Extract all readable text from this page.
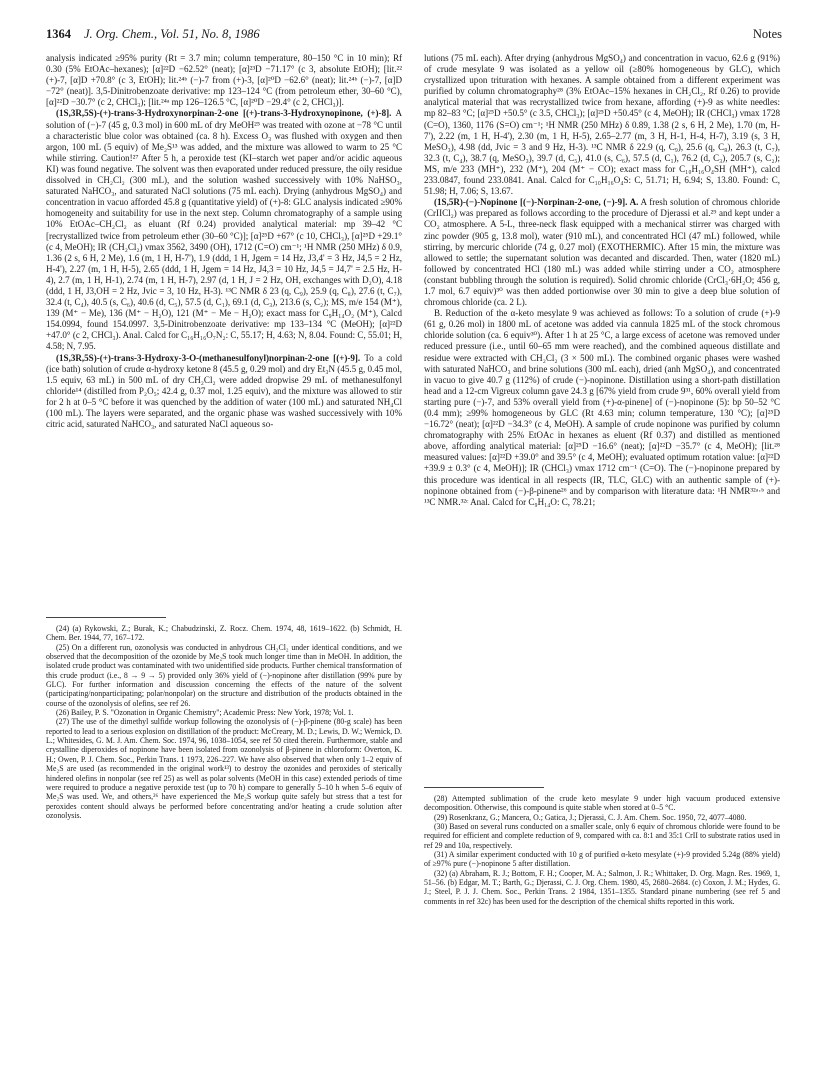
1364 J. Org. Chem., Vol. 51, No. 8, 1986	Notes

analysis indicated ≥95% purity (Rt = 3.7 min; column temperature, 80–150 °C in 10 min); Rf 0.30 (5% EtOAc–hexanes); [α]²²D −62.52° (neat); [α]²³D −71.17° (c 3, absolute EtOH); [lit.²² (+)-7, [α]D +70.8° (c 3, EtOH); lit.²⁴ᵇ (−)-7 from (+)-3, [α]²⁰D −62.6° (neat); lit.²⁴ᵇ (−)-7, [α]D −72° (neat)]. 3,5-Dinitrobenzoate derivative: mp 123–124 °C (from petroleum ether, 30–60 °C), [α]²²D −30.7° (c 2, CHCl₃); [lit.²⁴ᵃ mp 126–126.5 °C, [α]²⁰D −29.4° (c 2, CHCl₃)].

(1S,3R,5S)-(+)-trans-3-Hydroxynorpinan-2-one [(+)-trans-3-Hydroxynopinone, (+)-8]. A solution of (−)-7 (45 g, 0.3 mol) in 600 mL of dry MeOH²⁵ was treated with ozone at −78 °C until a characteristic blue color was obtained (ca. 8 h). Excess O₃ was flushed with oxygen and then argon, 100 mL (5 equiv) of Me₂S¹³ was added, and the mixture was allowed to warm to 25 °C while stirring. Caution!²⁷ After 5 h, a peroxide test (KI–starch wet paper and/or acidic aqueous KI) was found negative. The solvent was then evaporated under reduced pressure, the oily residue dissolved in CH₂Cl₂ (300 mL), and the solution washed successively with 10% NaHSO₃, saturated NaHCO₃, and saturated NaCl solutions (75 mL each). Drying (anhydrous MgSO₄) and concentration in vacuo afforded 45.8 g (quantitative yield) of (+)-8: GLC analysis indicated ≥90% homogeneity and suitability for use in the next step. Column chromatography of a sample using 10% EtOAc–CH₂Cl₂ as eluant (Rf 0.24) provided analytical material: mp 39–42 °C [recrystallized twice from petroleum ether (30–60 °C)]; [α]²⁵D +67° (c 10, CHCl₃), [α]²⁵D +29.1° (c 4, MeOH); IR (CH₂Cl₂) νmax 3562, 3490 (OH), 1712 (C=O) cm⁻¹; ¹H NMR (250 MHz) δ 0.9, 1.36 (2 s, 6 H, 2 Me), 1.6 (m, 1 H, H-7'), 1.9 (ddd, 1 H, Jgem = 14 Hz, J3,4' = 3 Hz, J4,5 = 2 Hz, H-4'), 2.27 (m, 1 H, H-5), 2.65 (ddd, 1 H, Jgem = 14 Hz, J4,3 = 10 Hz, J4,5 = J4,7' = 2.5 Hz, H-4), 2.7 (m, 1 H, H-1), 2.74 (m, 1 H, H-7), 2.97 (d, 1 H, J = 2 Hz, OH, exchanges with D₂O), 4.18 (ddd, 1 H, J3,OH = 2 Hz, Jvic = 3, 10 Hz, H-3). ¹³C NMR δ 23 (q, C₉), 25.9 (q, C₈), 27.6 (t, C₇), 32.4 (t, C₄), 40.5 (s, C₆), 40.6 (d, C₅), 57.5 (d, C₁), 69.1 (d, C₃), 213.6 (s, C₂); MS, m/e 154 (M⁺), 139 (M⁺ − Me), 136 (M⁺ − H₂O), 121 (M⁺ − Me − H₂O); exact mass for C₉H₁₄O₂ (M⁺), Calcd 154.0994, found 154.0997. 3,5-Dinitrobenzoate derivative: mp 133–134 °C (MeOH); [α]²²D +47.0° (c 2, CHCl₃). Anal. Calcd for C₁₆H₁₆O₇N₂: C, 55.17; H, 4.63; N, 8.04. Found: C, 55.01; H, 4.58; N, 7.95.

(1S,3R,5S)-(+)-trans-3-Hydroxy-3-O-(methanesulfonyl)norpinan-2-one [(+)-9]. To a cold (ice bath) solution of crude α-hydroxy ketone 8 (45.5 g, 0.29 mol) and dry Et₃N (45.5 g, 0.45 mol, 1.5 equiv, 63 mL) in 500 mL of dry CH₂Cl₂ were added dropwise 29 mL of methanesulfonyl chloride¹⁴ (distilled from P₂O₅; 42.4 g, 0.37 mol, 1.25 equiv), and the mixture was allowed to stir for 2 h at 0–5 °C before it was quenched by the addition of water (100 mL) and saturated NH₄Cl (100 mL). The layers were separated, and the organic phase was washed successively with 10% citric acid, saturated NaHCO₃, and saturated NaCl aqueous so-

lutions (75 mL each). After drying (anhydrous MgSO₄) and concentration in vacuo, 62.6 g (91%) of crude mesylate 9 was isolated as a yellow oil (≥80% homogeneous by GLC), which crystallized upon trituration with hexanes. A sample obtained from a different experiment was purified by column chromatography²⁸ (3% EtOAc–15% hexanes in CH₂Cl₂, Rf 0.26) to provide analytical material that was recrystallized twice from hexane, affording (+)-9 as white needles: mp 82–83 °C; [α]²⁵D +50.5° (c 3.5, CHCl₃); [α]²⁵D +50.45° (c 4, MeOH); IR (CHCl₃) νmax 1728 (C=O), 1360, 1176 (S=O) cm⁻¹; ¹H NMR (250 MHz) δ 0.89, 1.38 (2 s, 6 H, 2 Me), 1.70 (m, H-7'), 2.22 (m, 1 H, H-4'), 2.30 (m, 1 H, H-5), 2.65–2.77 (m, 3 H, H-1, H-4, H-7), 3.19 (s, 3 H, MeSO₃), 4.98 (dd, Jvic = 3 and 9 Hz, H-3). ¹³C NMR δ 22.9 (q, C₉), 25.6 (q, C₈), 26.3 (t, C₇), 32.3 (t, C₄), 38.7 (q, MeSO₃), 39.7 (d, C₅), 41.0 (s, C₆), 57.5 (d, C₁), 76.2 (d, C₃), 205.7 (s, C₂); MS, m/e 233 (MH⁺), 232 (M⁺), 204 (M⁺ − CO); exact mass for C₁₀H₁₆O₄SH (MH⁺), calcd 233.0847, found 233.0841. Anal. Calcd for C₁₀H₁₆O₄S: C, 51.71; H, 6.94; S, 13.80. Found: C, 51.98; H, 7.06; S, 13.67.

(1S,5R)-(−)-Nopinone [(−)-Norpinan-2-one, (−)-9]. A. A fresh solution of chromous chloride (CrIICl₂) was prepared as follows according to the procedure of Djerassi et al.²⁹ and kept under a CO₂ atmosphere. A 5-L, three-neck flask equipped with a mechanical stirrer was charged with zinc powder (905 g, 13.8 mol), water (910 mL), and concentrated HCl (47 mL) followed, while stirring, by mercuric chloride (74 g, 0.27 mol) (EXOTHERMIC). After 15 min, the mixture was allowed to settle; the supernatant solution was decanted and discarded. Then, water (1820 mL) followed by concentrated HCl (180 mL) was added while stirring under a CO₂ atmosphere (constant bubbling through the solution is required). Solid chromic chloride (CrCl₃·6H₂O; 456 g, 1.7 mol, 6.7 equiv)³⁰ was then added portionwise over 30 min to give a deep blue solution of chromous chloride (ca. 2 L).

B. Reduction of the α-keto mesylate 9 was achieved as follows: To a solution of crude (+)-9 (61 g, 0.26 mol) in 1800 mL of acetone was added via cannula 1825 mL of the stock chromous chloride solution (ca. 6 equiv³⁰). After 1 h at 25 °C, a large excess of acetone was removed under reduced pressure (i.e., until 60–65 mm were reached), and the combined aqueous distillate and residue were extracted with CH₂Cl₂ (3 × 500 mL). The combined organic phases were washed with saturated NaHCO₃ and brine solutions (300 mL each), dried (anh MgSO₄), and concentrated in vacuo to give 40.7 g (112%) of crude (−)-nopinone. Distillation using a short-path distillation head and a 12-cm Vigreux column gave 24.3 g [67% yield from crude 9³¹, 60% overall yield from starting pure (−)-7, and 53% overall yield from (+)-α-pinene] of (−)-nopinone (5): bp 50–52 °C (0.4 mm); ≥99% homogeneous by GLC (Rt 4.63 min; column temperature, 130 °C); [α]²⁵D −16.72° (neat); [α]²²D −34.3° (c 4, MeOH). A sample of crude nopinone was purified by column chromatography with 25% EtOAc in hexanes as eluent (Rf 0.37) and distilled as mentioned above, affording analytical material: [α]²⁵D −16.6° (neat); [α]²²D −35.7° (c 4, MeOH); [lit.²⁸ measured values: [α]²²D +39.0° and 39.5° (c 4, MeOH); evaluated optimum rotation value: [α]²²D +39.9 ± 0.3° (c 4, MeOH)]; IR (CHCl₃) νmax 1712 cm⁻¹ (C=O). The (−)-nopinone prepared by this procedure was identical in all respects (IR, TLC, GLC) with an authentic sample of (+)-nopinone obtained from (−)-β-pinene²⁶ and by comparison with literature data: ¹H NMR³²ᵃ·ᵇ and ¹³C NMR.³²ᶜ Anal. Calcd for C₉H₁₄O: C, 78.21;

(24) (a) Rykowski, Z.; Burak, K.; Chabudzinski, Z. Rocz. Chem. 1974, 48, 1619–1622. (b) Schmidt, H. Chem. Ber. 1944, 77, 167–172.

(25) On a different run, ozonolysis was conducted in anhydrous CH₂Cl₂ under identical conditions, and we observed that the decomposition of the ozonide by Me₂S took much longer time than in MeOH. In addition, the isolated crude product was contaminated with two unidentified side products. Further chemical transformation of this crude product (i.e., 8 → 9 → 5) provided only 36% yield of (−)-nopinone after distillation (99% pure by GLC). For further information and discussion concerning the effects of the nature of the solvent (participating/nonparticipating; polar/nonpolar) on the structure and distribution of the products obtained in the course of the ozonolysis of olefins, see ref 26.

(26) Bailey, P. S. "Ozonation in Organic Chemistry"; Academic Press: New York, 1978; Vol. 1.

(27) The use of the dimethyl sulfide workup following the ozonolysis of (−)-β-pinene (80-g scale) has been reported to lead to a serious explosion on distillation of the product: McCreary, M. D.; Lewis, D. W.; Wernick, D. L.; Whitesides, G. M. J. Am. Chem. Soc. 1974, 96, 1038–1054, see ref 50 cited therein. Furthermore, stable and crystalline diperoxides of nopinone have been isolated from ozonolysis of β-pinene in chloroform: Overton, K. H.; Owen, P. J. Chem. Soc., Perkin Trans. 1 1973, 226–227. We have also observed that when only 1–2 equiv of Me₂S are used (as recommended in the original work¹³) to destroy the ozonides and peroxides of sterically hindered olefins in nonpolar (see ref 25) as well as polar solvents (MeOH in this case) extended periods of time were required to produce a negative peroxide test (up to 70 h) compare to generally 5–10 h when 5–6 equiv of Me₂S was used. We, and others,²⁶ have experienced the Me₂S workup quite safely but stress that a test for peroxides content should always be performed before concentrating and/or heating a crude solution after ozonolysis.

(28) Attempted sublimation of the crude keto mesylate 9 under high vacuum produced extensive decomposition. Otherwise, this compound is quite stable when stored at 0–5 °C.

(29) Rosenkranz, G.; Mancera, O.; Gatica, J.; Djerassi, C. J. Am. Chem. Soc. 1950, 72, 4077–4080.

(30) Based on several runs conducted on a smaller scale, only 6 equiv of chromous chloride were found to be required for efficient and complete reduction of 9, compared with ca. 8:1 and 35:1 CrII to substrate ratios used in ref 29 and 10a, respectively.

(31) A similar experiment conducted with 10 g of purified α-keto mesylate (+)-9 provided 5.24g (88% yield) of ≥97% pure (−)-nopinone 5 after distillation.

(32) (a) Abraham, R. J.; Bottom, F. H.; Cooper, M. A.; Salmon, J. R.; Whittaker, D. Org. Magn. Res. 1969, 1, 51–56. (b) Edgar, M. T.; Barth, G.; Djerassi, C. J. Org. Chem. 1980, 45, 2680–2684. (c) Coxon, J. M.; Hydes, G. J.; Steel, P. J. J. Chem. Soc., Perkin Trans. 2 1984, 1351–1355. Standard pinane numbering (see ref 5 and comments in ref 32c) has been used for the description of the chemical shifts reported in this work.
